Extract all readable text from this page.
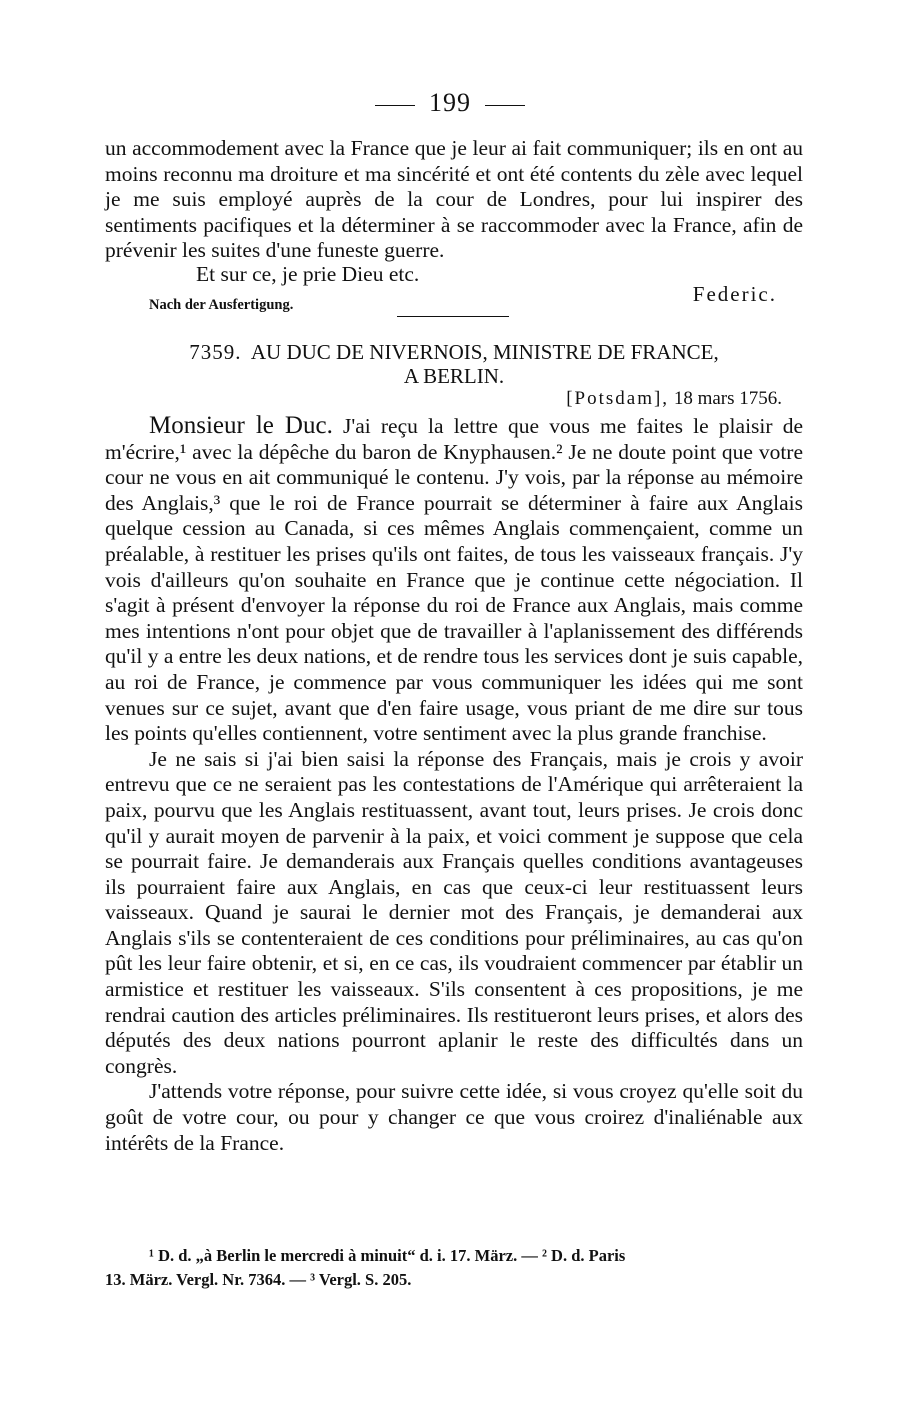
199

un accommodement avec la France que je leur ai fait communiquer; ils en ont au moins reconnu ma droiture et ma sincérité et ont été contents du zèle avec lequel je me suis employé auprès de la cour de Londres, pour lui inspirer des sentiments pacifiques et la déterminer à se raccommoder avec la France, afin de prévenir les suites d'une funeste guerre.

Et sur ce, je prie Dieu etc.
Federic.
Nach der Ausfertigung.
7359. AU DUC DE NIVERNOIS, MINISTRE DE FRANCE,
A BERLIN.
[Potsdam], 18 mars 1756.

Monsieur le Duc. J'ai reçu la lettre que vous me faites le plaisir de m'écrire,¹ avec la dépêche du baron de Knyphausen.² Je ne doute point que votre cour ne vous en ait communiqué le contenu. J'y vois, par la réponse au mémoire des Anglais,³ que le roi de France pourrait se déterminer à faire aux Anglais quelque cession au Canada, si ces mêmes Anglais commençaient, comme un préalable, à restituer les prises qu'ils ont faites, de tous les vaisseaux français. J'y vois d'ailleurs qu'on souhaite en France que je continue cette négociation. Il s'agit à présent d'envoyer la réponse du roi de France aux Anglais, mais comme mes intentions n'ont pour objet que de travailler à l'aplanissement des différends qu'il y a entre les deux nations, et de rendre tous les services dont je suis capable, au roi de France, je commence par vous communiquer les idées qui me sont venues sur ce sujet, avant que d'en faire usage, vous priant de me dire sur tous les points qu'elles contiennent, votre sentiment avec la plus grande franchise.

Je ne sais si j'ai bien saisi la réponse des Français, mais je crois y avoir entrevu que ce ne seraient pas les contestations de l'Amérique qui arrêteraient la paix, pourvu que les Anglais restituassent, avant tout, leurs prises. Je crois donc qu'il y aurait moyen de parvenir à la paix, et voici comment je suppose que cela se pourrait faire. Je demanderais aux Français quelles conditions avantageuses ils pourraient faire aux Anglais, en cas que ceux-ci leur restituassent leurs vaisseaux. Quand je saurai le dernier mot des Français, je demanderai aux Anglais s'ils se contenteraient de ces conditions pour préliminaires, au cas qu'on pût les leur faire obtenir, et si, en ce cas, ils voudraient commencer par établir un armistice et restituer les vaisseaux. S'ils consentent à ces propositions, je me rendrai caution des articles préliminaires. Ils restitueront leurs prises, et alors des députés des deux nations pourront aplanir le reste des difficultés dans un congrès.

J'attends votre réponse, pour suivre cette idée, si vous croyez qu'elle soit du goût de votre cour, ou pour y changer ce que vous croirez d'inaliénable aux intérêts de la France.

¹ D. d. „à Berlin le mercredi à minuit“ d. i. 17. März. — ² D. d. Paris
13. März. Vergl. Nr. 7364. — ³ Vergl. S. 205.
